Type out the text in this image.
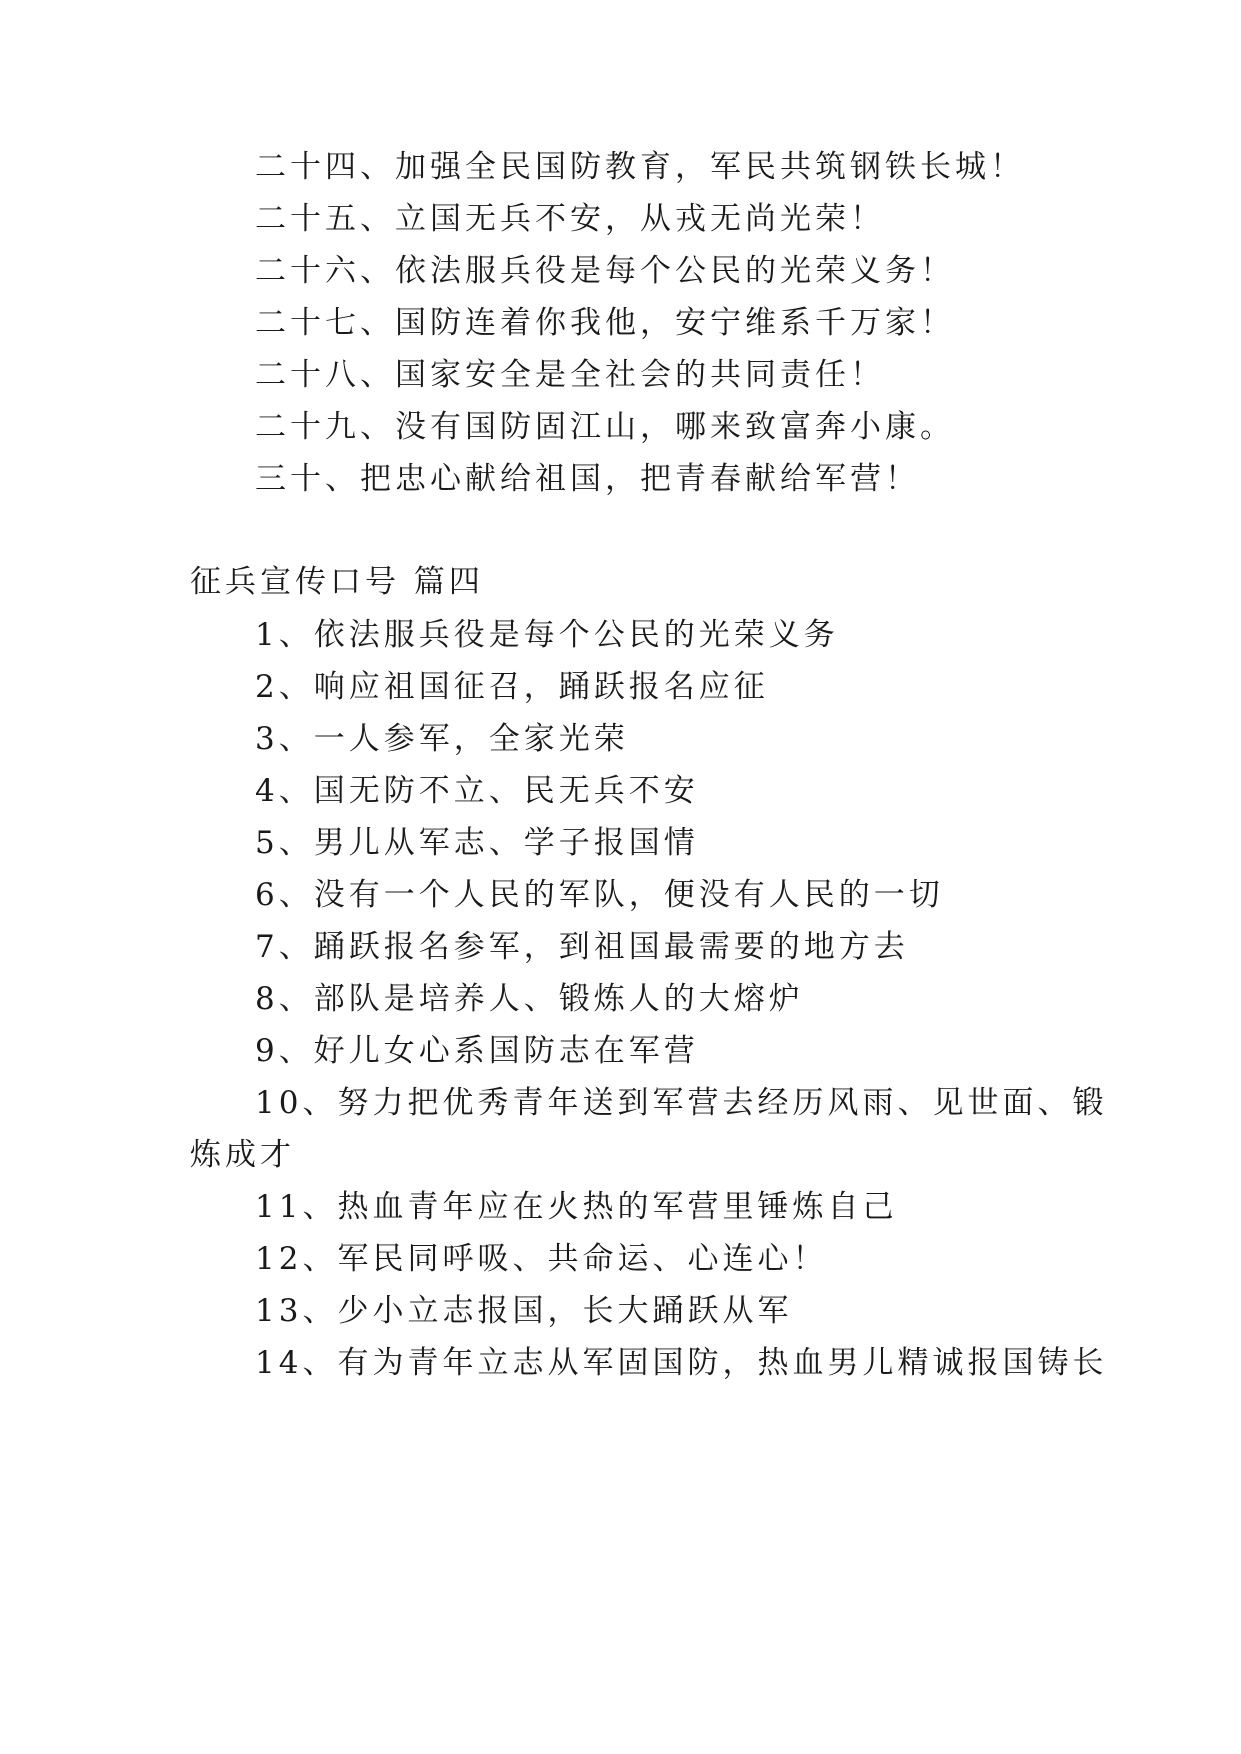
二十四、加强全民国防教育，军民共筑钢铁长城！
二十五、立国无兵不安，从戎无尚光荣！
二十六、依法服兵役是每个公民的光荣义务！
二十七、国防连着你我他，安宁维系千万家！
二十八、国家安全是全社会的共同责任！
二十九、没有国防固江山，哪来致富奔小康。
三十、把忠心献给祖国，把青春献给军营！
征兵宣传口号 篇四
1、依法服兵役是每个公民的光荣义务
2、响应祖国征召，踊跃报名应征
3、一人参军，全家光荣
4、国无防不立、民无兵不安
5、男儿从军志、学子报国情
6、没有一个人民的军队，便没有人民的一切
7、踊跃报名参军，到祖国最需要的地方去
8、部队是培养人、锻炼人的大熔炉
9、好儿女心系国防志在军营
10、努力把优秀青年送到军营去经历风雨、见世面、锻
炼成才
11、热血青年应在火热的军营里锤炼自己
12、军民同呼吸、共命运、心连心！
13、少小立志报国，长大踊跃从军
14、有为青年立志从军固国防，热血男儿精诚报国铸长
